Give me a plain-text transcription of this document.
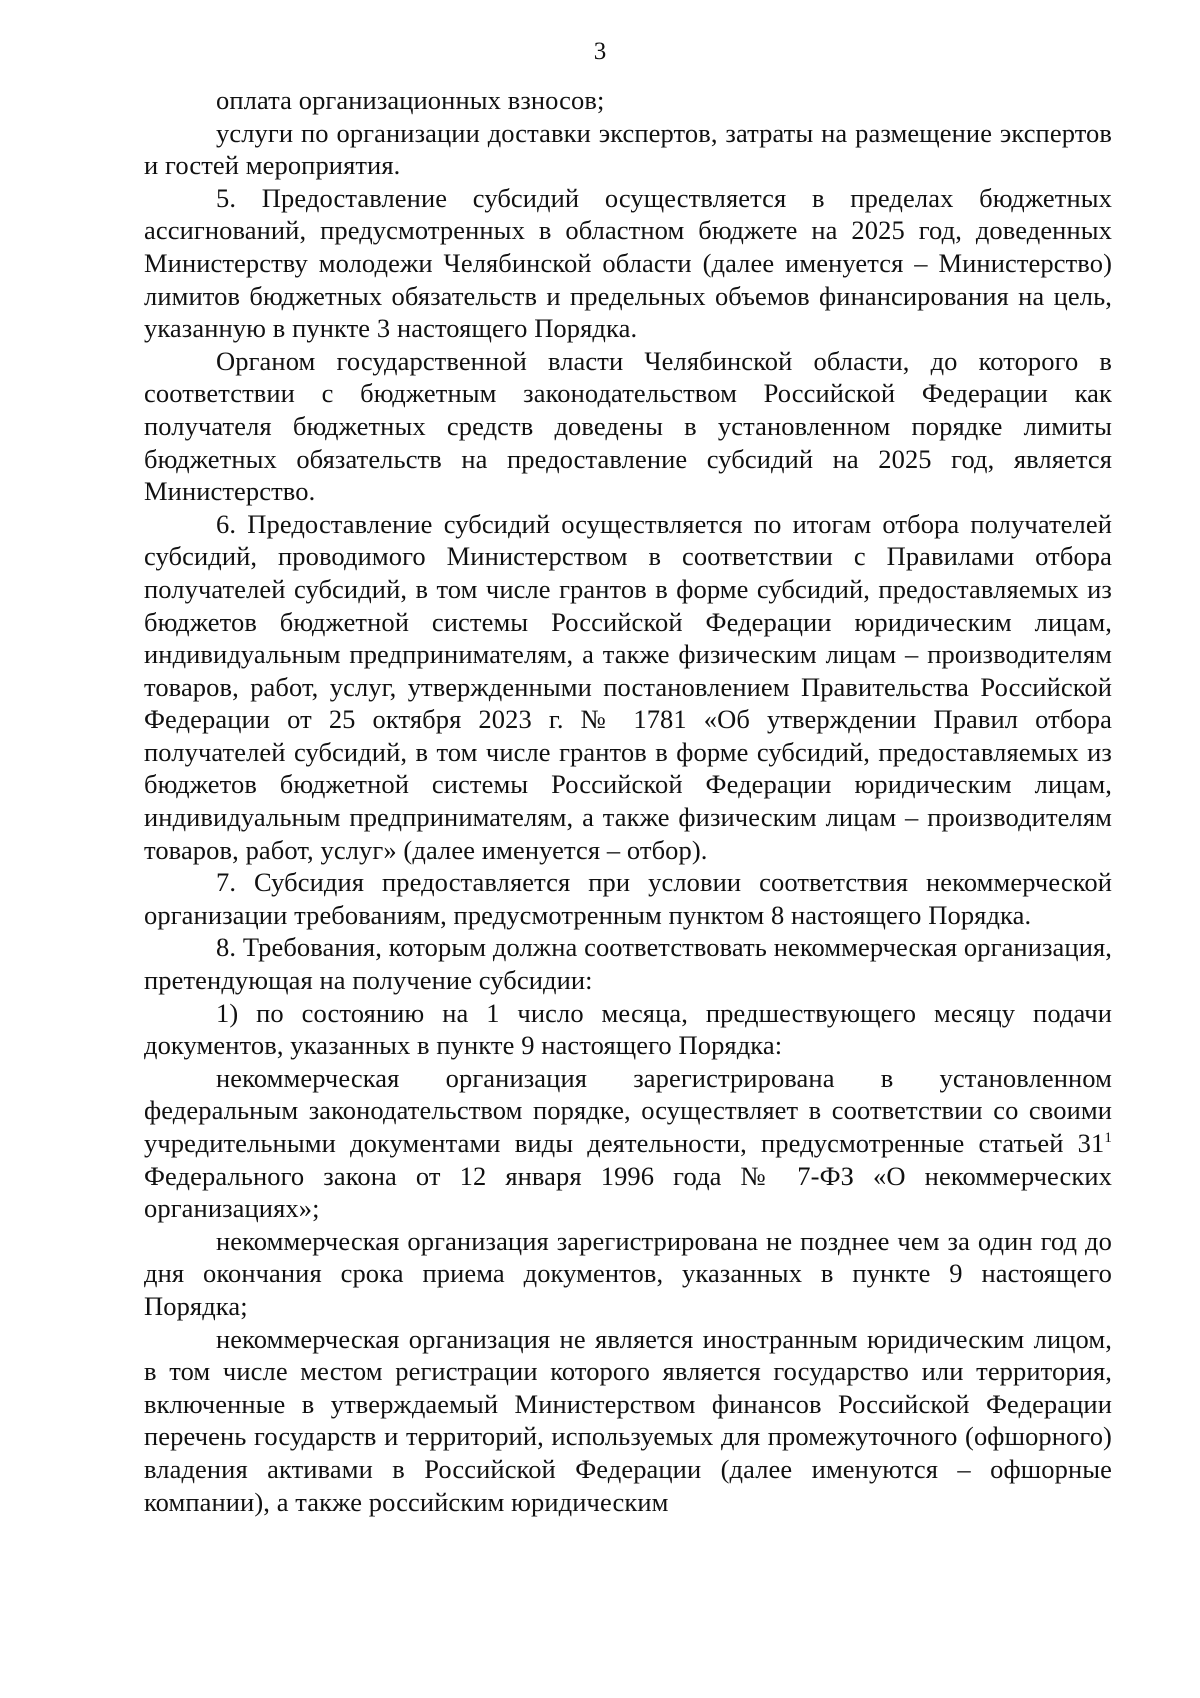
3

оплата организационных взносов;

услуги по организации доставки экспертов, затраты на размещение экспертов и гостей мероприятия.

5. Предоставление субсидий осуществляется в пределах бюджетных ассигнований, предусмотренных в областном бюджете на 2025 год, доведенных Министерству молодежи Челябинской области (далее именуется – Министерство) лимитов бюджетных обязательств и предельных объемов финансирования на цель, указанную в пункте 3 настоящего Порядка.

Органом государственной власти Челябинской области, до которого в соответствии с бюджетным законодательством Российской Федерации как получателя бюджетных средств доведены в установленном порядке лимиты бюджетных обязательств на предоставление субсидий на 2025 год, является Министерство.

6. Предоставление субсидий осуществляется по итогам отбора получателей субсидий, проводимого Министерством в соответствии с Правилами отбора получателей субсидий, в том числе грантов в форме субсидий, предоставляемых из бюджетов бюджетной системы Российской Федерации юридическим лицам, индивидуальным предпринимателям, а также физическим лицам – производителям товаров, работ, услуг, утвержденными постановлением Правительства Российской Федерации от 25 октября 2023 г. № 1781 «Об утверждении Правил отбора получателей субсидий, в том числе грантов в форме субсидий, предоставляемых из бюджетов бюджетной системы Российской Федерации юридическим лицам, индивидуальным предпринимателям, а также физическим лицам – производителям товаров, работ, услуг» (далее именуется – отбор).

7. Субсидия предоставляется при условии соответствия некоммерческой организации требованиям, предусмотренным пунктом 8 настоящего Порядка.

8. Требования, которым должна соответствовать некоммерческая организация, претендующая на получение субсидии:

1) по состоянию на 1 число месяца, предшествующего месяцу подачи документов, указанных в пункте 9 настоящего Порядка:

некоммерческая организация зарегистрирована в установленном федеральным законодательством порядке, осуществляет в соответствии со своими учредительными документами виды деятельности, предусмотренные статьей $31^1$ Федерального закона от 12 января 1996 года № 7-ФЗ «О некоммерческих организациях»;

некоммерческая организация зарегистрирована не позднее чем за один год до дня окончания срока приема документов, указанных в пункте 9 настоящего Порядка;

некоммерческая организация не является иностранным юридическим лицом, в том числе местом регистрации которого является государство или территория, включенные в утверждаемый Министерством финансов Российской Федерации перечень государств и территорий, используемых для промежуточного (офшорного) владения активами в Российской Федерации (далее именуются – офшорные компании), а также российским юридическим
